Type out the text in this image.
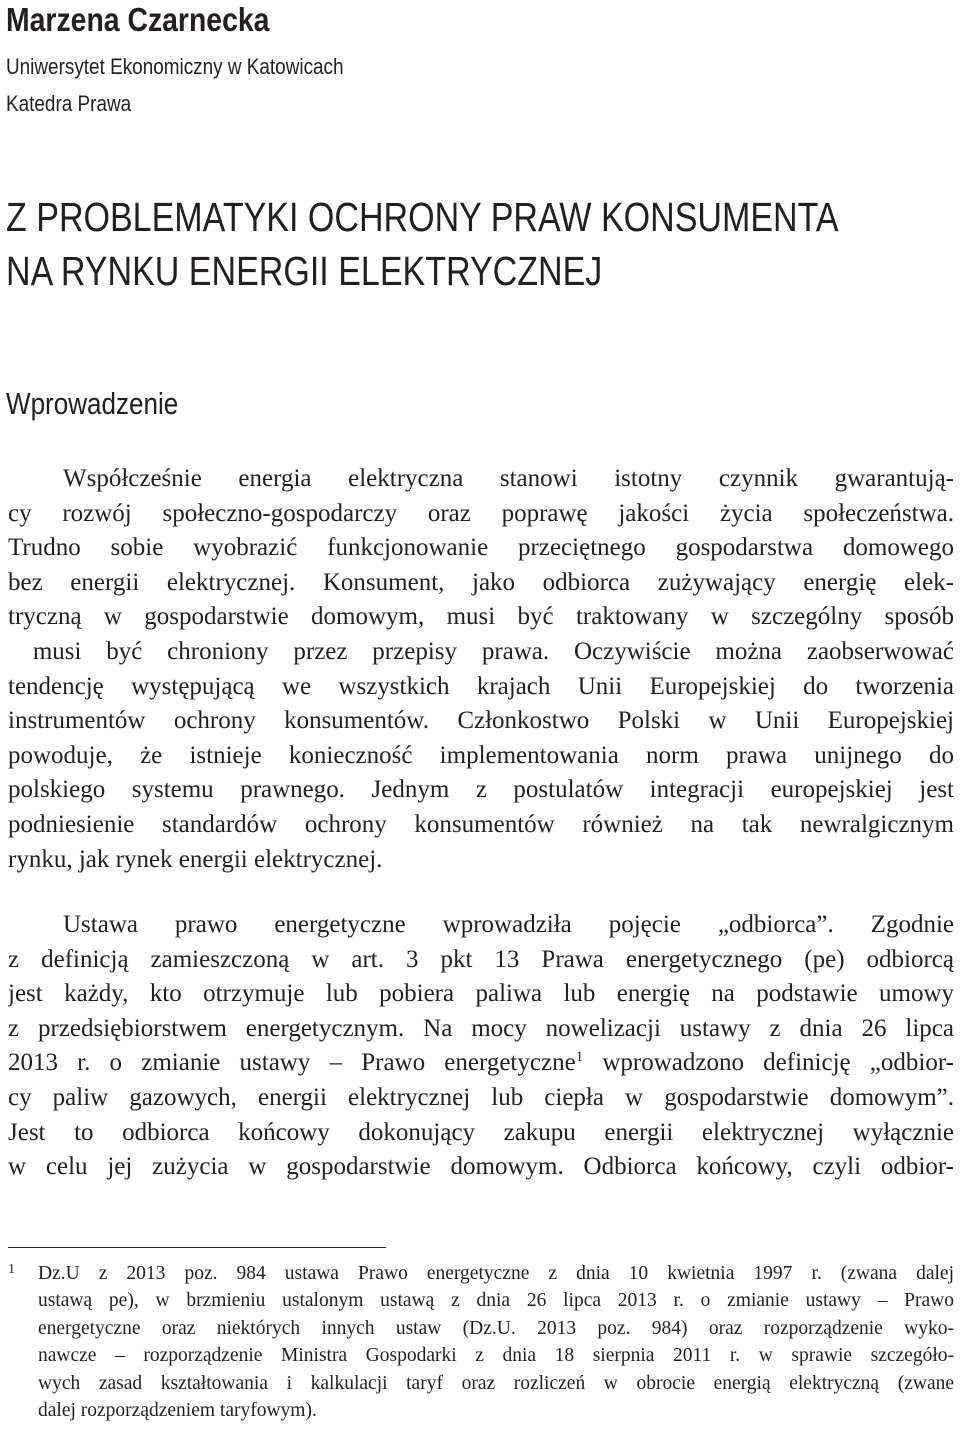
Marzena Czarnecka
Uniwersytet Ekonomiczny w Katowicach
Katedra Prawa
Z PROBLEMATYKI OCHRONY PRAW KONSUMENTA
NA RYNKU ENERGII ELEKTRYCZNEJ
Wprowadzenie
Współcześnie energia elektryczna stanowi istotny czynnik gwarantują-
cy rozwój społeczno-gospodarczy oraz poprawę jakości życia społeczeństwa.
Trudno sobie wyobrazić funkcjonowanie przeciętnego gospodarstwa domowego
bez energii elektrycznej. Konsument, jako odbiorca zużywający energię elek-
tryczną w gospodarstwie domowym, musi być traktowany w szczególny sposób
musi być chroniony przez przepisy prawa. Oczywiście można zaobserwować
tendencję występującą we wszystkich krajach Unii Europejskiej do tworzenia
instrumentów ochrony konsumentów. Członkostwo Polski w Unii Europejskiej
powoduje, że istnieje konieczność implementowania norm prawa unijnego do
polskiego systemu prawnego. Jednym z postulatów integracji europejskiej jest
podniesienie standardów ochrony konsumentów również na tak newralgicznym
rynku, jak rynek energii elektrycznej.
Ustawa prawo energetyczne wprowadziła pojęcie „odbiorca”. Zgodnie
z definicją zamieszczoną w art. 3 pkt 13 Prawa energetycznego (pe) odbiorcą
jest każdy, kto otrzymuje lub pobiera paliwa lub energię na podstawie umowy
z przedsiębiorstwem energetycznym. Na mocy nowelizacji ustawy z dnia 26 lipca
2013 r. o zmianie ustawy – Prawo energetyczne$^1$ wprowadzono definicję „odbior-
cy paliw gazowych, energii elektrycznej lub ciepła w gospodarstwie domowym”.
Jest to odbiorca końcowy dokonujący zakupu energii elektrycznej wyłącznie
w celu jej zużycia w gospodarstwie domowym. Odbiorca końcowy, czyli odbior-
1 Dz.U z 2013 poz. 984 ustawa Prawo energetyczne z dnia 10 kwietnia 1997 r. (zwana dalej
ustawą pe), w brzmieniu ustalonym ustawą z dnia 26 lipca 2013 r. o zmianie ustawy – Prawo
energetyczne oraz niektórych innych ustaw (Dz.U. 2013 poz. 984) oraz rozporządzenie wyko-
nawcze – rozporządzenie Ministra Gospodarki z dnia 18 sierpnia 2011 r. w sprawie szczegóło-
wych zasad kształtowania i kalkulacji taryf oraz rozliczeń w obrocie energią elektryczną (zwane
dalej rozporządzeniem taryfowym).
